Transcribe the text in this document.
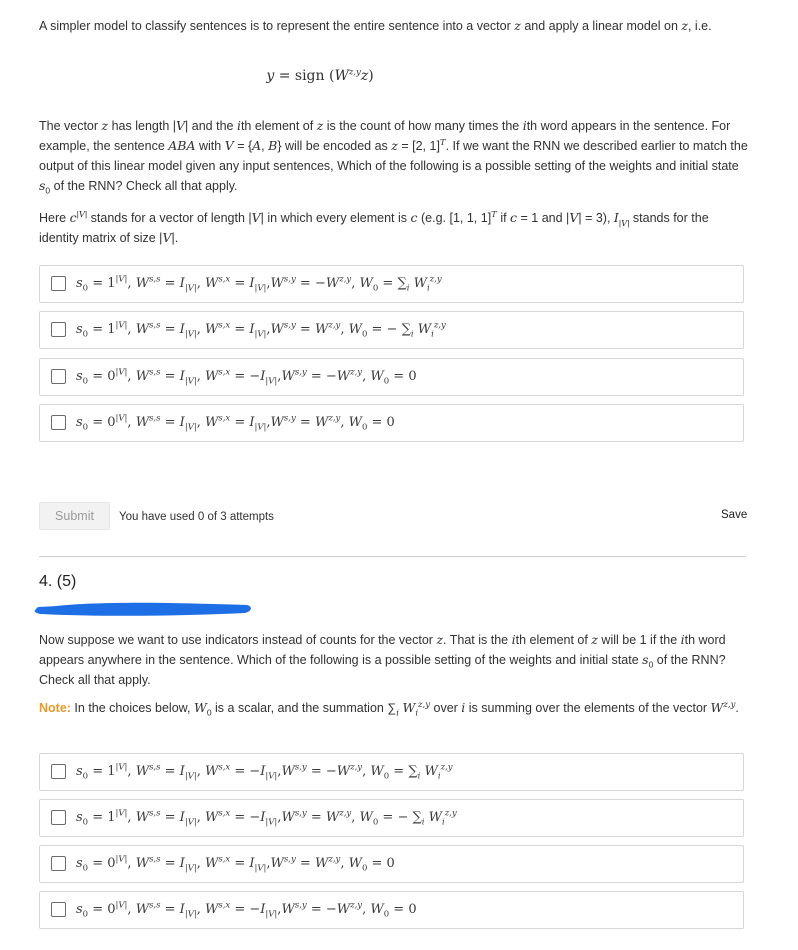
A simpler model to classify sentences is to represent the entire sentence into a vector z and apply a linear model on z, i.e.

y = sign $(W^{z,y}z)$

The vector z has length |V| and the ith element of z is the count of how many times the ith word appears in the sentence. For example, the sentence ABA with V = {A, B} will be encoded as z = [2, 1]$^T$. If we want the RNN we described earlier to match the output of this linear model given any input sentences, Which of the following is a possible setting of the weights and initial state $s_0$ of the RNN? Check all that apply.

Here $c^{|V|}$ stands for a vector of length |V| in which every element is c (e.g. [1, 1, 1]$^T$ if c = 1 and |V| = 3), $I_{|V|}$ stands for the identity matrix of size |V|.

$s_0 = 1^{|V|}$, $W^{s,s} = I_{|V|}$, $W^{s,x} = I_{|V|},W^{s,y} = -W^{z,y}$, $W_0 = \sum_i$ $W_i^{z,y}$
$s_0 = 1^{|V|}$, $W^{s,s} = I_{|V|}$, $W^{s,x} = I_{|V|},W^{s,y} = W^{z,y}$, $W_0$ = − $\sum_i$ $W_i^{z,y}$
$s_0 = 0^{|V|}$, $W^{s,s} = I_{|V|}$, $W^{s,x} = -I_{|V|},W^{s,y} = -W^{z,y}$, $W_0 = 0$
$s_0 = 0^{|V|}$, $W^{s,s} = I_{|V|}$, $W^{s,x} = I_{|V|},W^{s,y} = W^{z,y}$, $W_0 = 0$
Submit	You have used 0 of 3 attempts	Save
4. (5)

Now suppose we want to use indicators instead of counts for the vector z. That is the ith element of z will be 1 if the ith word appears anywhere in the sentence. Which of the following is a possible setting of the weights and initial state $s_0$ of the RNN? Check all that apply.

Note: In the choices below, $W_0$ is a scalar, and the summation $\sum_i$ $W_i^{z,y}$ over i is summing over the elements of the vector W$^{z,y}$.

$s_0 = 1^{|V|}$, $W^{s,s} = I_{|V|}$, $W^{s,x} = -I_{|V|},W^{s,y} = -W^{z,y}$, $W_0 = \sum_i$ $W_i^{z,y}$
$s_0 = 1^{|V|}$, $W^{s,s} = I_{|V|}$, $W^{s,x} = -I_{|V|},W^{s,y} = W^{z,y}$, $W_0$ = − $\sum_i$ $W_i^{z,y}$
$s_0 = 0^{|V|}$, $W^{s,s} = I_{|V|}$, $W^{s,x} = I_{|V|},W^{s,y} = W^{z,y}$, $W_0 = 0$
$s_0 = 0^{|V|}$, $W^{s,s} = I_{|V|}$, $W^{s,x} = -I_{|V|},W^{s,y} = -W^{z,y}$, $W_0 = 0$
